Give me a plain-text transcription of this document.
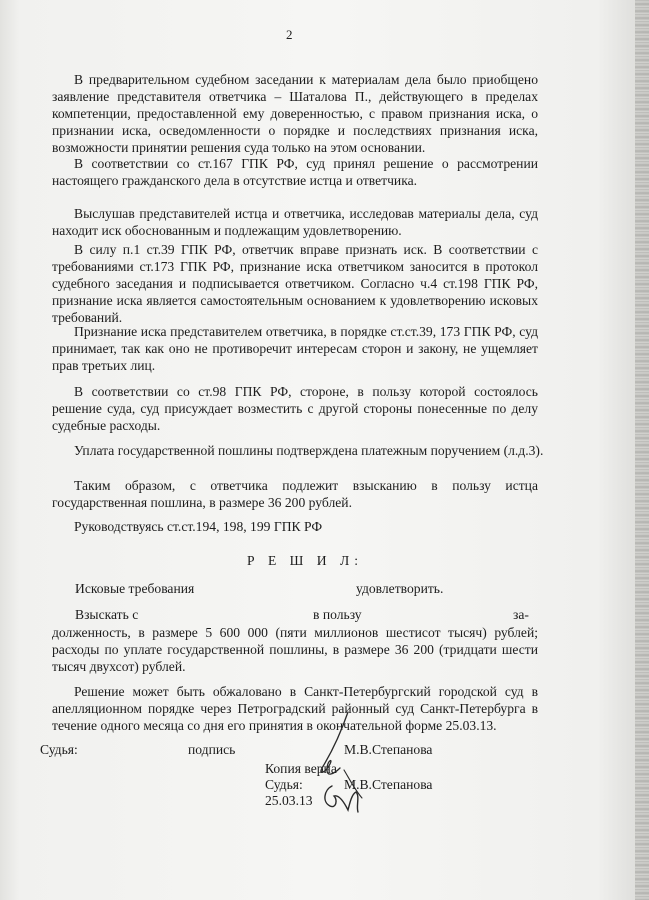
2
В предварительном судебном заседании к материалам дела было приобщено заявление представителя ответчика – Шаталова П., действующего в пределах компетенции, предоставленной ему доверенностью, с правом признания иска, о признании иска, осведомленности о порядке и последствиях признания иска, возможности принятии решения суда только на этом основании.
В соответствии со ст.167 ГПК РФ, суд принял решение о рассмотрении настоящего гражданского дела в отсутствие истца и ответчика.
Выслушав представителей истца и ответчика, исследовав материалы дела, суд находит иск обоснованным и подлежащим удовлетворению.
В силу п.1 ст.39 ГПК РФ, ответчик вправе признать иск. В соответствии с требованиями ст.173 ГПК РФ, признание иска ответчиком заносится в протокол судебного заседания и подписывается ответчиком. Согласно ч.4 ст.198 ГПК РФ, признание иска является самостоятельным основанием к удовлетворению исковых требований.
Признание иска представителем ответчика, в порядке ст.ст.39, 173 ГПК РФ, суд принимает, так как оно не противоречит интересам сторон и закону, не ущемляет прав третьих лиц.
В соответствии со ст.98 ГПК РФ, стороне, в пользу которой состоялось решение суда, суд присуждает возместить с другой стороны понесенные по делу судебные расходы.
Уплата государственной пошлины подтверждена платежным поручением (л.д.3).
Таким образом, с ответчика подлежит взысканию в пользу истца государственная пошлина, в размере 36 200 рублей.
Руководствуясь ст.ст.194, 198, 199 ГПК РФ
Р Е Ш И Л:
Исковые требования	удовлетворить.
Взыскать с	в пользу	за-
долженность, в размере 5 600 000 (пяти миллионов шестисот тысяч) рублей; расходы по уплате государственной пошлины, в размере 36 200 (тридцати шести тысяч двухсот) рублей.
Решение может быть обжаловано в Санкт-Петербургский городской суд в апелляционном порядке через Петроградский районный суд Санкт-Петербурга в течение одного месяца со дня его принятия в окончательной форме 25.03.13.
Судья:	подпись	М.В.Степанова
Копия верна
Судья:	М.В.Степанова
25.03.13
